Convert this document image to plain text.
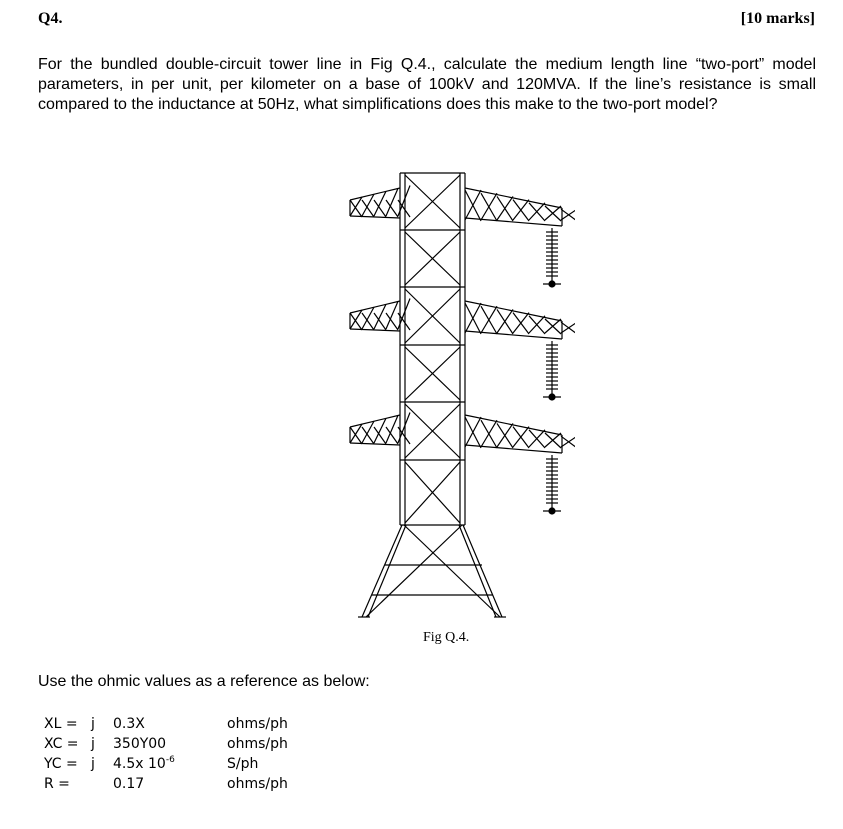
Q4.	[10 marks]

For the bundled double-circuit tower line in Fig Q.4., calculate the medium length line “two-port” model parameters, in per unit, per kilometer on a base of 100kV and 120MVA. If the line’s resistance is small compared to the inductance at 50Hz, what simplifications does this make to the two-port model?

Fig Q.4.
Use the ohmic values as a reference as below:
XL = j 0.3X	ohms/ph
XC = j 350Y00	ohms/ph
YC = j 4.5x $10^{-6}$	S/ph
R =	0.17	ohms/ph
